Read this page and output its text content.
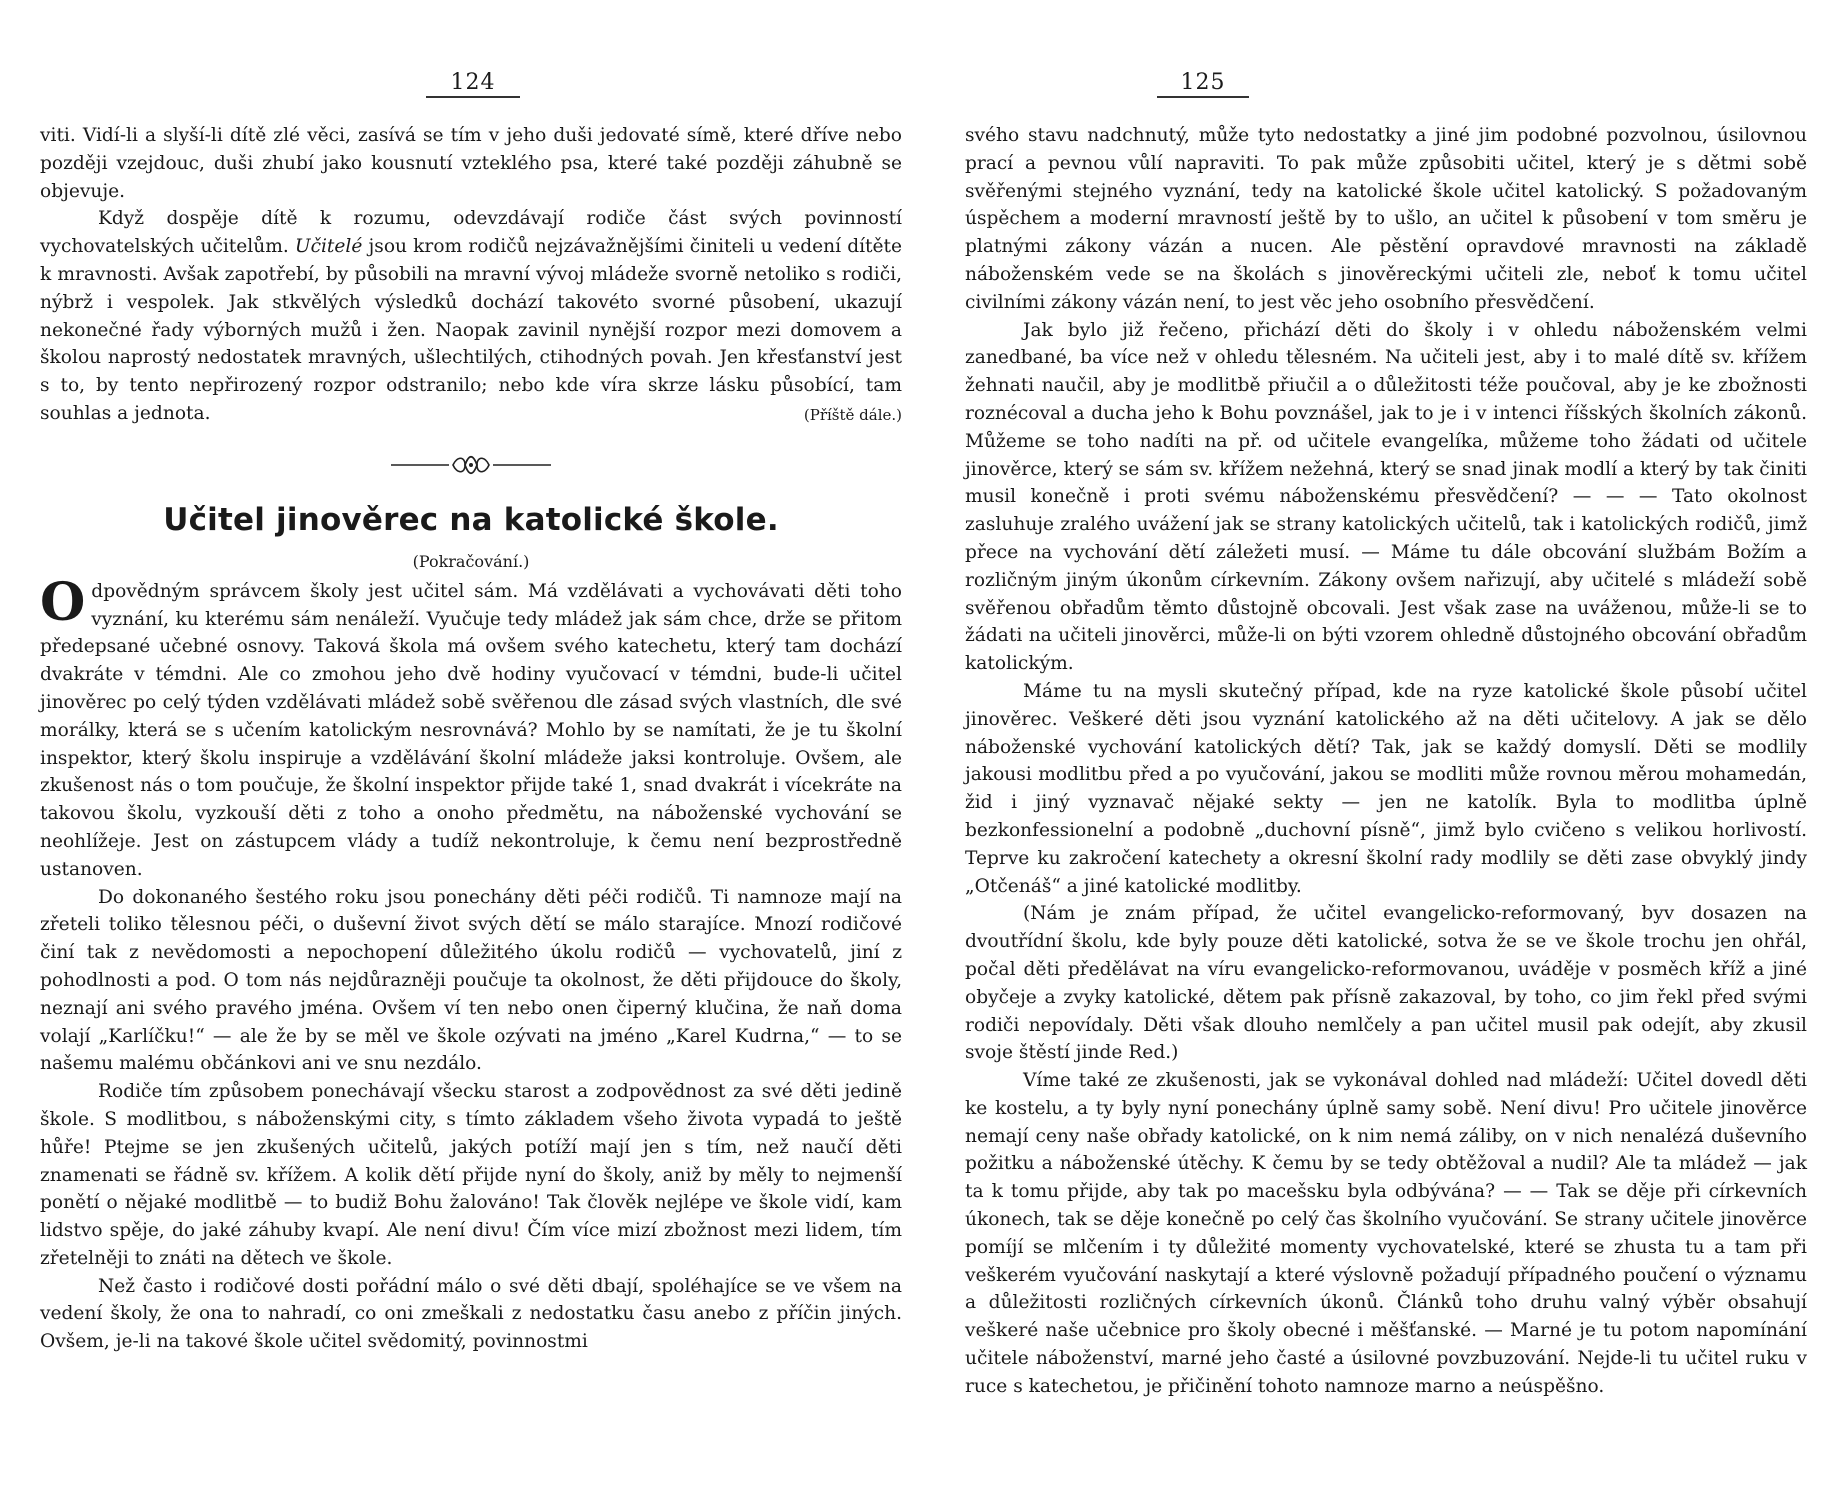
124

viti. Vidí-li a slyší-li dítě zlé věci, zasívá se tím v jeho duši jedovaté símě, které dříve nebo později vzejdouc, duši zhubí jako kousnutí vzteklého psa, které také později záhubně se objevuje.

Když dospěje dítě k rozumu, odevzdávají rodiče část svých povinností vychovatelských učitelům. Učitelé jsou krom rodičů nejzávažnějšími činiteli u vedení dítěte k mravnosti. Avšak zapotřebí, by působili na mravní vývoj mládeže svorně netoliko s rodiči, nýbrž i vespolek. Jak stkvělých výsledků dochází takovéto svorné působení, ukazují nekonečné řady výborných mužů i žen. Naopak zavinil nynější rozpor mezi domovem a školou naprostý nedostatek mravných, ušlechtilých, ctihodných povah. Jen křesťanství jest s to, by tento nepřirozený rozpor odstranilo; nebo kde víra skrze lásku působící, tam souhlas a jednota.	(Příště dále.)

Učitel jinověrec na katolické škole.
(Pokračování.)

Odpovědným správcem školy jest učitel sám. Má vzdělávati a vychovávati děti toho vyznání, ku kterému sám nenáleží. Vyučuje tedy mládež jak sám chce, drže se přitom předepsané učebné osnovy. Taková škola má ovšem svého katechetu, který tam dochází dvakráte v témdni. Ale co zmohou jeho dvě hodiny vyučovací v témdni, bude-li učitel jinověrec po celý týden vzdělávati mládež sobě svěřenou dle zásad svých vlastních, dle své morálky, která se s učením katolickým nesrovnává? Mohlo by se namítati, že je tu školní inspektor, který školu inspiruje a vzdělávání školní mládeže jaksi kontroluje. Ovšem, ale zkušenost nás o tom poučuje, že školní inspektor přijde také 1, snad dvakrát i vícekráte na takovou školu, vyzkouší děti z toho a onoho předmětu, na náboženské vychování se neohlížeje. Jest on zástupcem vlády a tudíž nekontroluje, k čemu není bezprostředně ustanoven.

Do dokonaného šestého roku jsou ponechány děti péči rodičů. Ti namnoze mají na zřeteli toliko tělesnou péči, o duševní život svých dětí se málo starajíce. Mnozí rodičové činí tak z nevědomosti a nepochopení důležitého úkolu rodičů — vychovatelů, jiní z pohodlnosti a pod. O tom nás nejdůrazněji poučuje ta okolnost, že děti přijdouce do školy, neznají ani svého pravého jména. Ovšem ví ten nebo onen čiperný klučina, že naň doma volají „Karlíčku!“ — ale že by se měl ve škole ozývati na jméno „Karel Kudrna,“ — to se našemu malému občánkovi ani ve snu nezdálo.

Rodiče tím způsobem ponechávají všecku starost a zodpovědnost za své děti jedině škole. S modlitbou, s náboženskými city, s tímto základem všeho života vypadá to ještě hůře! Ptejme se jen zkušených učitelů, jakých potíží mají jen s tím, než naučí děti znamenati se řádně sv. křížem. A kolik dětí přijde nyní do školy, aniž by měly to nejmenší ponětí o nějaké modlitbě — to budiž Bohu žalováno! Tak člověk nejlépe ve škole vidí, kam lidstvo spěje, do jaké záhuby kvapí. Ale není divu! Čím více mizí zbožnost mezi lidem, tím zřetelněji to znáti na dětech ve škole.

Než často i rodičové dosti pořádní málo o své děti dbají, spoléhajíce se ve všem na vedení školy, že ona to nahradí, co oni zmeškali z nedostatku času anebo z příčin jiných. Ovšem, je-li na takové škole učitel svědomitý, povinnostmi

125

svého stavu nadchnutý, může tyto nedostatky a jiné jim podobné pozvolnou, úsilovnou prací a pevnou vůlí napraviti. To pak může způsobiti učitel, který je s dětmi sobě svěřenými stejného vyznání, tedy na katolické škole učitel katolický. S požadovaným úspěchem a moderní mravností ještě by to ušlo, an učitel k působení v tom směru je platnými zákony vázán a nucen. Ale pěstění opravdové mravnosti na základě náboženském vede se na školách s jinověreckými učiteli zle, neboť k tomu učitel civilními zákony vázán není, to jest věc jeho osobního přesvědčení.

Jak bylo již řečeno, přichází děti do školy i v ohledu náboženském velmi zanedbané, ba více než v ohledu tělesném. Na učiteli jest, aby i to malé dítě sv. křížem žehnati naučil, aby je modlitbě přiučil a o důležitosti téže poučoval, aby je ke zbožnosti roznécoval a ducha jeho k Bohu povznášel, jak to je i v intenci říšských školních zákonů. Můžeme se toho nadíti na př. od učitele evangelíka, můžeme toho žádati od učitele jinověrce, který se sám sv. křížem nežehná, který se snad jinak modlí a který by tak činiti musil konečně i proti svému náboženskému přesvědčení? — — — Tato okolnost zasluhuje zralého uvážení jak se strany katolických učitelů, tak i katolických rodičů, jimž přece na vychování dětí záležeti musí. — Máme tu dále obcování službám Božím a rozličným jiným úkonům církevním. Zákony ovšem nařizují, aby učitelé s mládeží sobě svěřenou obřadům těmto důstojně obcovali. Jest však zase na uváženou, může-li se to žádati na učiteli jinověrci, může-li on býti vzorem ohledně důstojného obcování obřadům katolickým.

Máme tu na mysli skutečný případ, kde na ryze katolické škole působí učitel jinověrec. Veškeré děti jsou vyznání katolického až na děti učitelovy. A jak se dělo náboženské vychování katolických dětí? Tak, jak se každý domyslí. Děti se modlily jakousi modlitbu před a po vyučování, jakou se modliti může rovnou měrou mohamedán, žid i jiný vyznavač nějaké sekty — jen ne katolík. Byla to modlitba úplně bezkonfessionelní a podobně „duchovní písně“, jimž bylo cvičeno s velikou horlivostí. Teprve ku zakročení katechety a okresní školní rady modlily se děti zase obvyklý jindy „Otčenáš“ a jiné katolické modlitby.

(Nám je znám případ, že učitel evangelicko-reformovaný, byv dosazen na dvoutřídní školu, kde byly pouze děti katolické, sotva že se ve škole trochu jen ohřál, počal děti předělávat na víru evangelicko-reformovanou, uváděje v posměch kříž a jiné obyčeje a zvyky katolické, dětem pak přísně zakazoval, by toho, co jim řekl před svými rodiči nepovídaly. Děti však dlouho nemlčely a pan učitel musil pak odejít, aby zkusil svoje štěstí jinde Red.)

Víme také ze zkušenosti, jak se vykonával dohled nad mládeží: Učitel dovedl děti ke kostelu, a ty byly nyní ponechány úplně samy sobě. Není divu! Pro učitele jinověrce nemají ceny naše obřady katolické, on k nim nemá záliby, on v nich nenalézá duševního požitku a náboženské útěchy. K čemu by se tedy obtěžoval a nudil? Ale ta mládež — jak ta k tomu přijde, aby tak po macešsku byla odbývána? — — Tak se děje při církevních úkonech, tak se děje konečně po celý čas školního vyučování. Se strany učitele jinověrce pomíjí se mlčením i ty důležité momenty vychovatelské, které se zhusta tu a tam při veškerém vyučování naskytají a které výslovně požadují případného poučení o významu a důležitosti rozličných církevních úkonů. Článků toho druhu valný výběr obsahují veškeré naše učebnice pro školy obecné i měšťanské. — Marné je tu potom napomínání učitele náboženství, marné jeho časté a úsilovné povzbuzování. Nejde-li tu učitel ruku v ruce s katechetou, je přičinění tohoto namnoze marno a neúspěšno.
